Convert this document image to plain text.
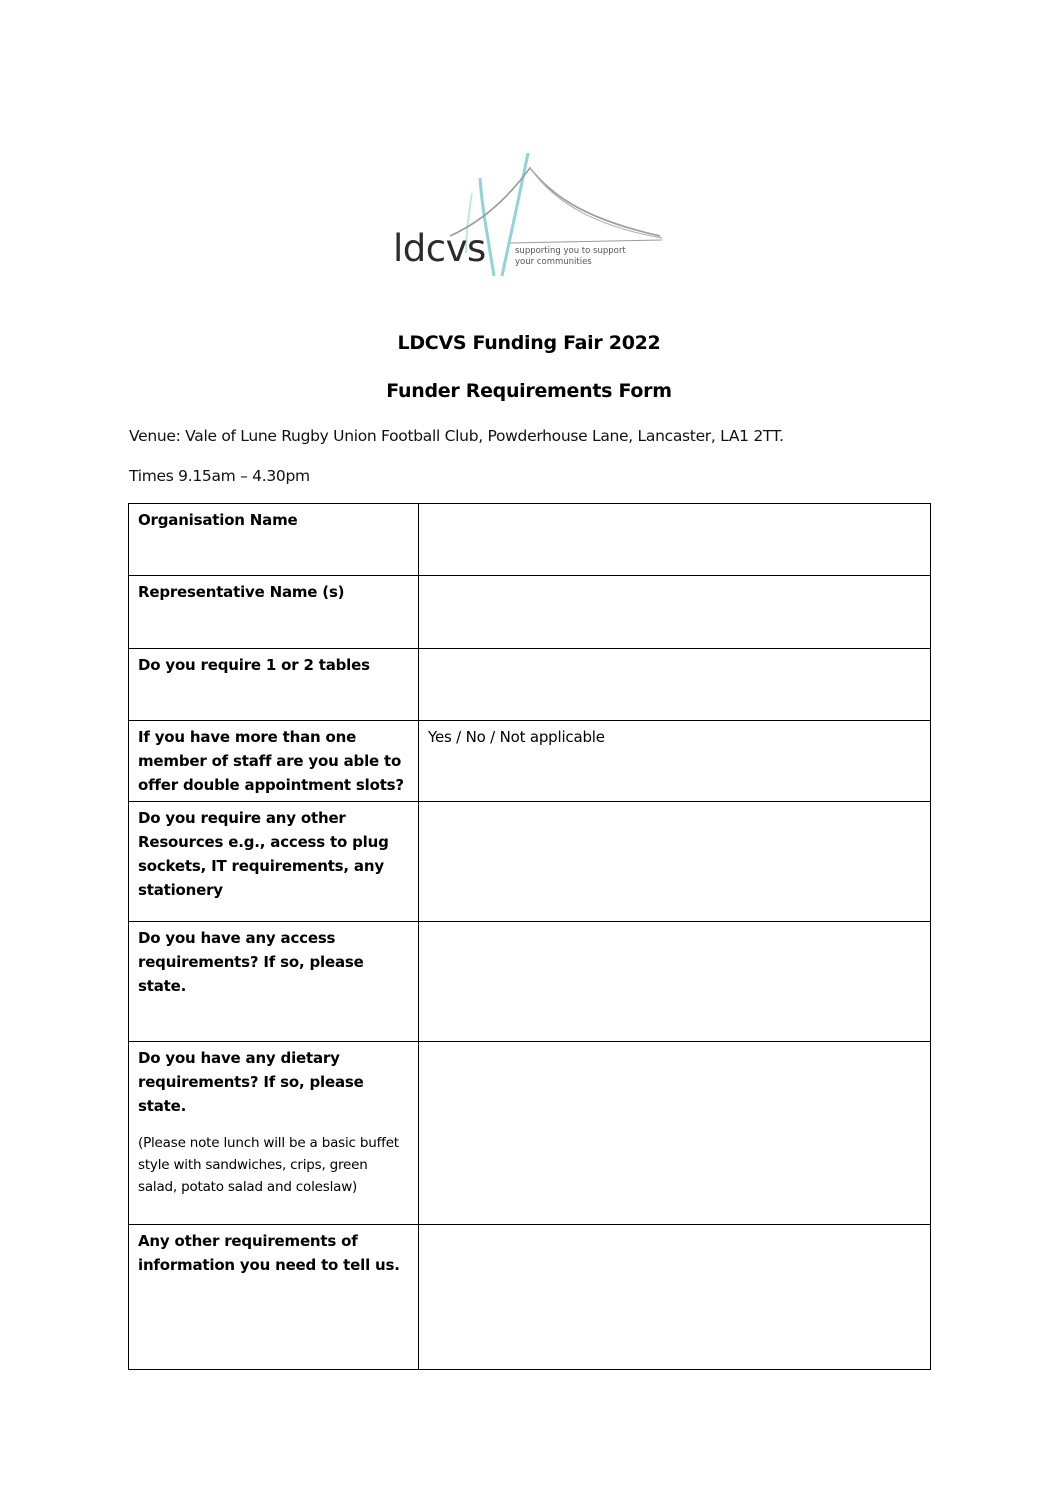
ldcvs	supporting you to support
your communities
LDCVS Funding Fair 2022
Funder Requirements Form
Venue: Vale of Lune Rugby Union Football Club, Powderhouse Lane, Lancaster, LA1 2TT.
Times 9.15am – 4.30pm
Organisation Name	
Representative Name (s)	
Do you require 1 or 2 tables	
If you have more than one member of staff are you able to offer double appointment slots?	Yes / No / Not applicable
Do you require any other Resources e.g., access to plug sockets, IT requirements, any stationery	
Do you have any access requirements? If so, please state.	
Do you have any dietary requirements? If so, please state.
(Please note lunch will be a basic buffet style with sandwiches, crips, green salad, potato salad and coleslaw)	

Any other requirements of information you need to tell us.	
